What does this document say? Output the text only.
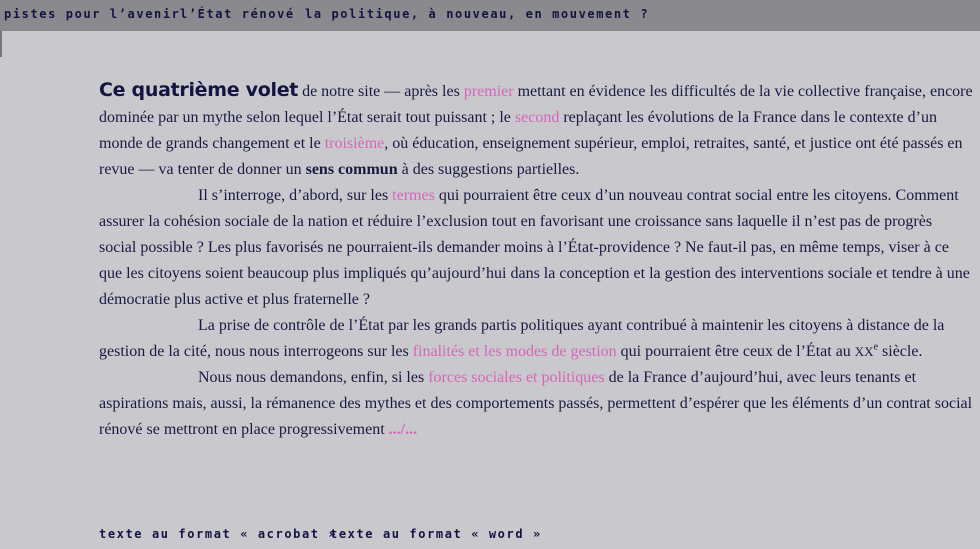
pistes pour l’avenir l’État rénové la politique, à nouveau, en mouvement ?

Ce quatrième volet de notre site — après les premier mettant en évidence les difficultés de la vie collective française, encore dominée par un mythe selon lequel l’État serait tout puissant ; le second replaçant les évolutions de la France dans le contexte d’un monde de grands changement et le troisième, où éducation, enseignement supérieur, emploi, retraites, santé, et justice ont été passés en revue — va tenter de donner un sens commun à des suggestions partielles.

Il s’interroge, d’abord, sur les termes qui pourraient être ceux d’un nouveau contrat social entre les citoyens. Comment assurer la cohésion sociale de la nation et réduire l’exclusion tout en favorisant une croissance sans laquelle il n’est pas de progrès social possible ? Les plus favorisés ne pourraient-ils demander moins à l’État-providence ? Ne faut-il pas, en même temps, viser à ce que les citoyens soient beaucoup plus impliqués qu’aujourd’hui dans la conception et la gestion des interventions sociale et tendre à une démocratie plus active et plus fraternelle ?

La prise de contrôle de l’État par les grands partis politiques ayant contribué à maintenir les citoyens à distance de la gestion de la cité, nous nous interrogeons sur les finalités et les modes de gestion qui pourraient être ceux de l’État au XXe siècle.

Nous nous demandons, enfin, si les forces sociales et politiques de la France d’aujourd’hui, avec leurs tenants et aspirations mais, aussi, la rémanence des mythes et des comportements passés, permettent d’espérer que les éléments d’un contrat social rénové se mettront en place progressivement .../...

texte au format « acrobat »
texte au format « word »
